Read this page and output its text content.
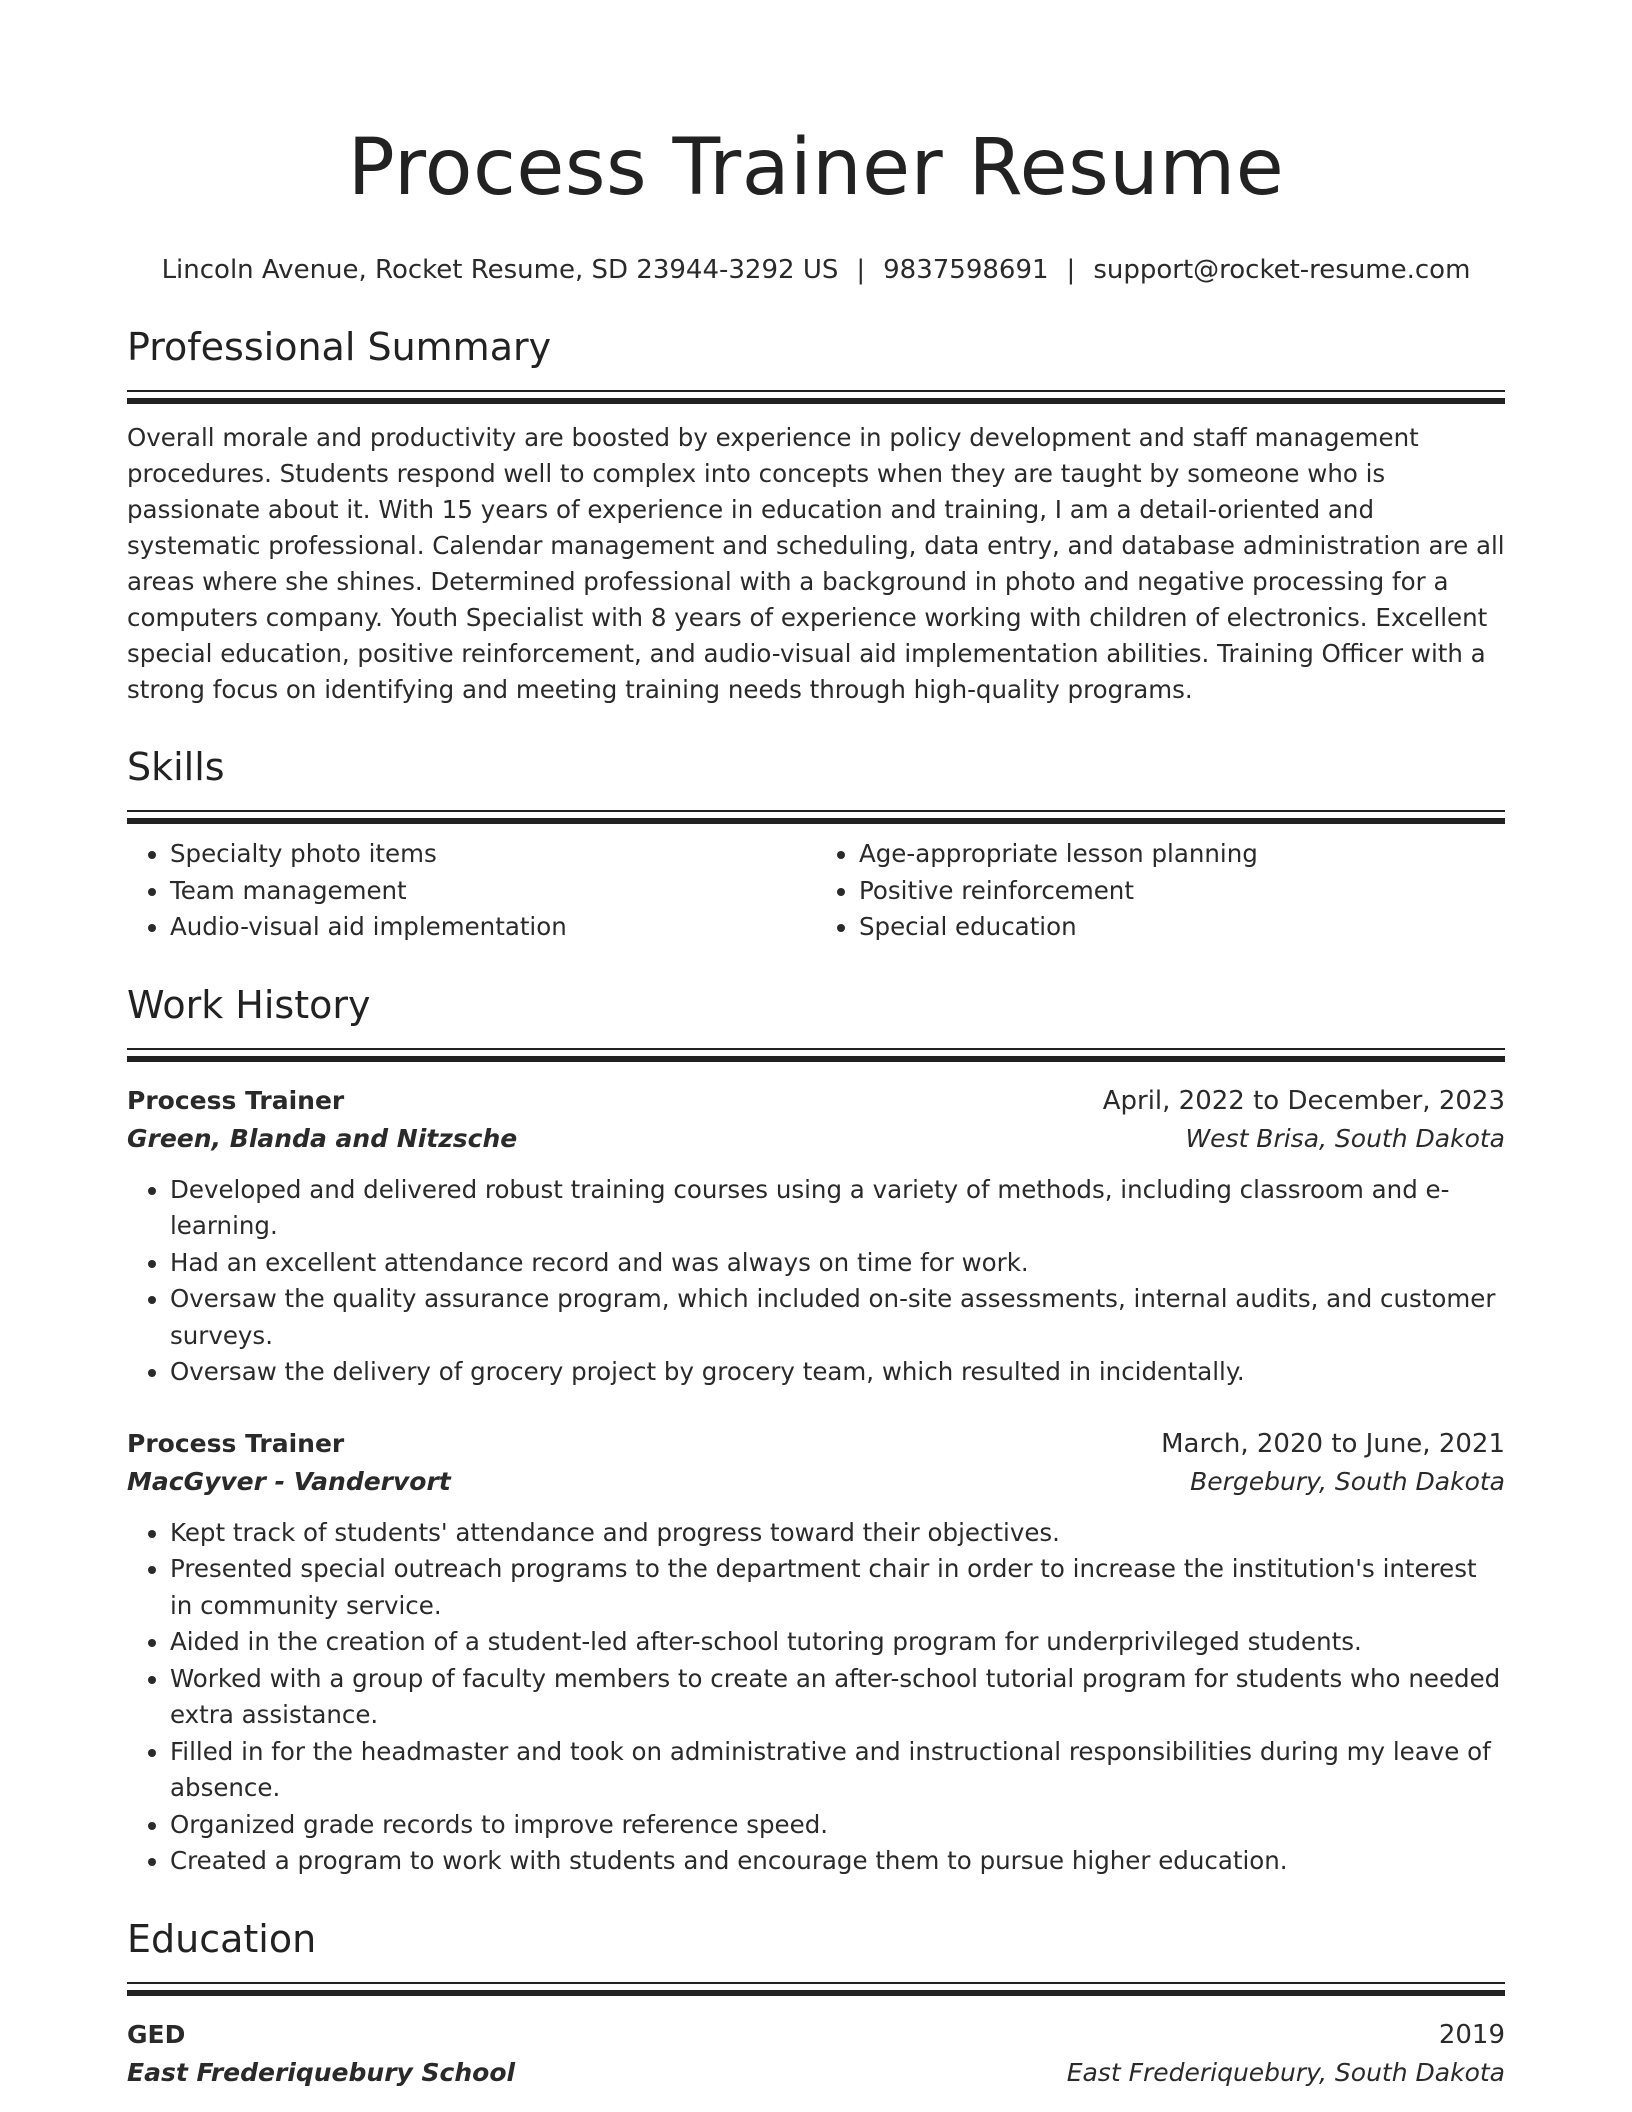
Process Trainer Resume
Lincoln Avenue, Rocket Resume, SD 23944-3292 US | 9837598691 | support@rocket-resume.com
Professional Summary

Overall morale and productivity are boosted by experience in policy development and staff management procedures. Students respond well to complex into concepts when they are taught by someone who is passionate about it. With 15 years of experience in education and training, I am a detail-oriented and systematic professional. Calendar management and scheduling, data entry, and database administration are all areas where she shines. Determined professional with a background in photo and negative processing for a computers company. Youth Specialist with 8 years of experience working with children of electronics. Excellent special education, positive reinforcement, and audio-visual aid implementation abilities. Training Officer with a strong focus on identifying and meeting training needs through high-quality programs.

Skills
• Specialty photo items
• Team management
• Audio-visual aid implementation
• Age-appropriate lesson planning
• Positive reinforcement
• Special education
Work History
Process Trainer	April, 2022 to December, 2023
Green, Blanda and Nitzsche	West Brisa, South Dakota
• Developed and delivered robust training courses using a variety of methods, including classroom and e-learning.
• Had an excellent attendance record and was always on time for work.
• Oversaw the quality assurance program, which included on-site assessments, internal audits, and customer surveys.
• Oversaw the delivery of grocery project by grocery team, which resulted in incidentally.
Process Trainer	March, 2020 to June, 2021
MacGyver - Vandervort	Bergebury, South Dakota
• Kept track of students' attendance and progress toward their objectives.
• Presented special outreach programs to the department chair in order to increase the institution's interest in community service.
• Aided in the creation of a student-led after-school tutoring program for underprivileged students.
• Worked with a group of faculty members to create an after-school tutorial program for students who needed extra assistance.
• Filled in for the headmaster and took on administrative and instructional responsibilities during my leave of absence.
• Organized grade records to improve reference speed.
• Created a program to work with students and encourage them to pursue higher education.
Education
GED	2019
East Frederiquebury School	East Frederiquebury, South Dakota
